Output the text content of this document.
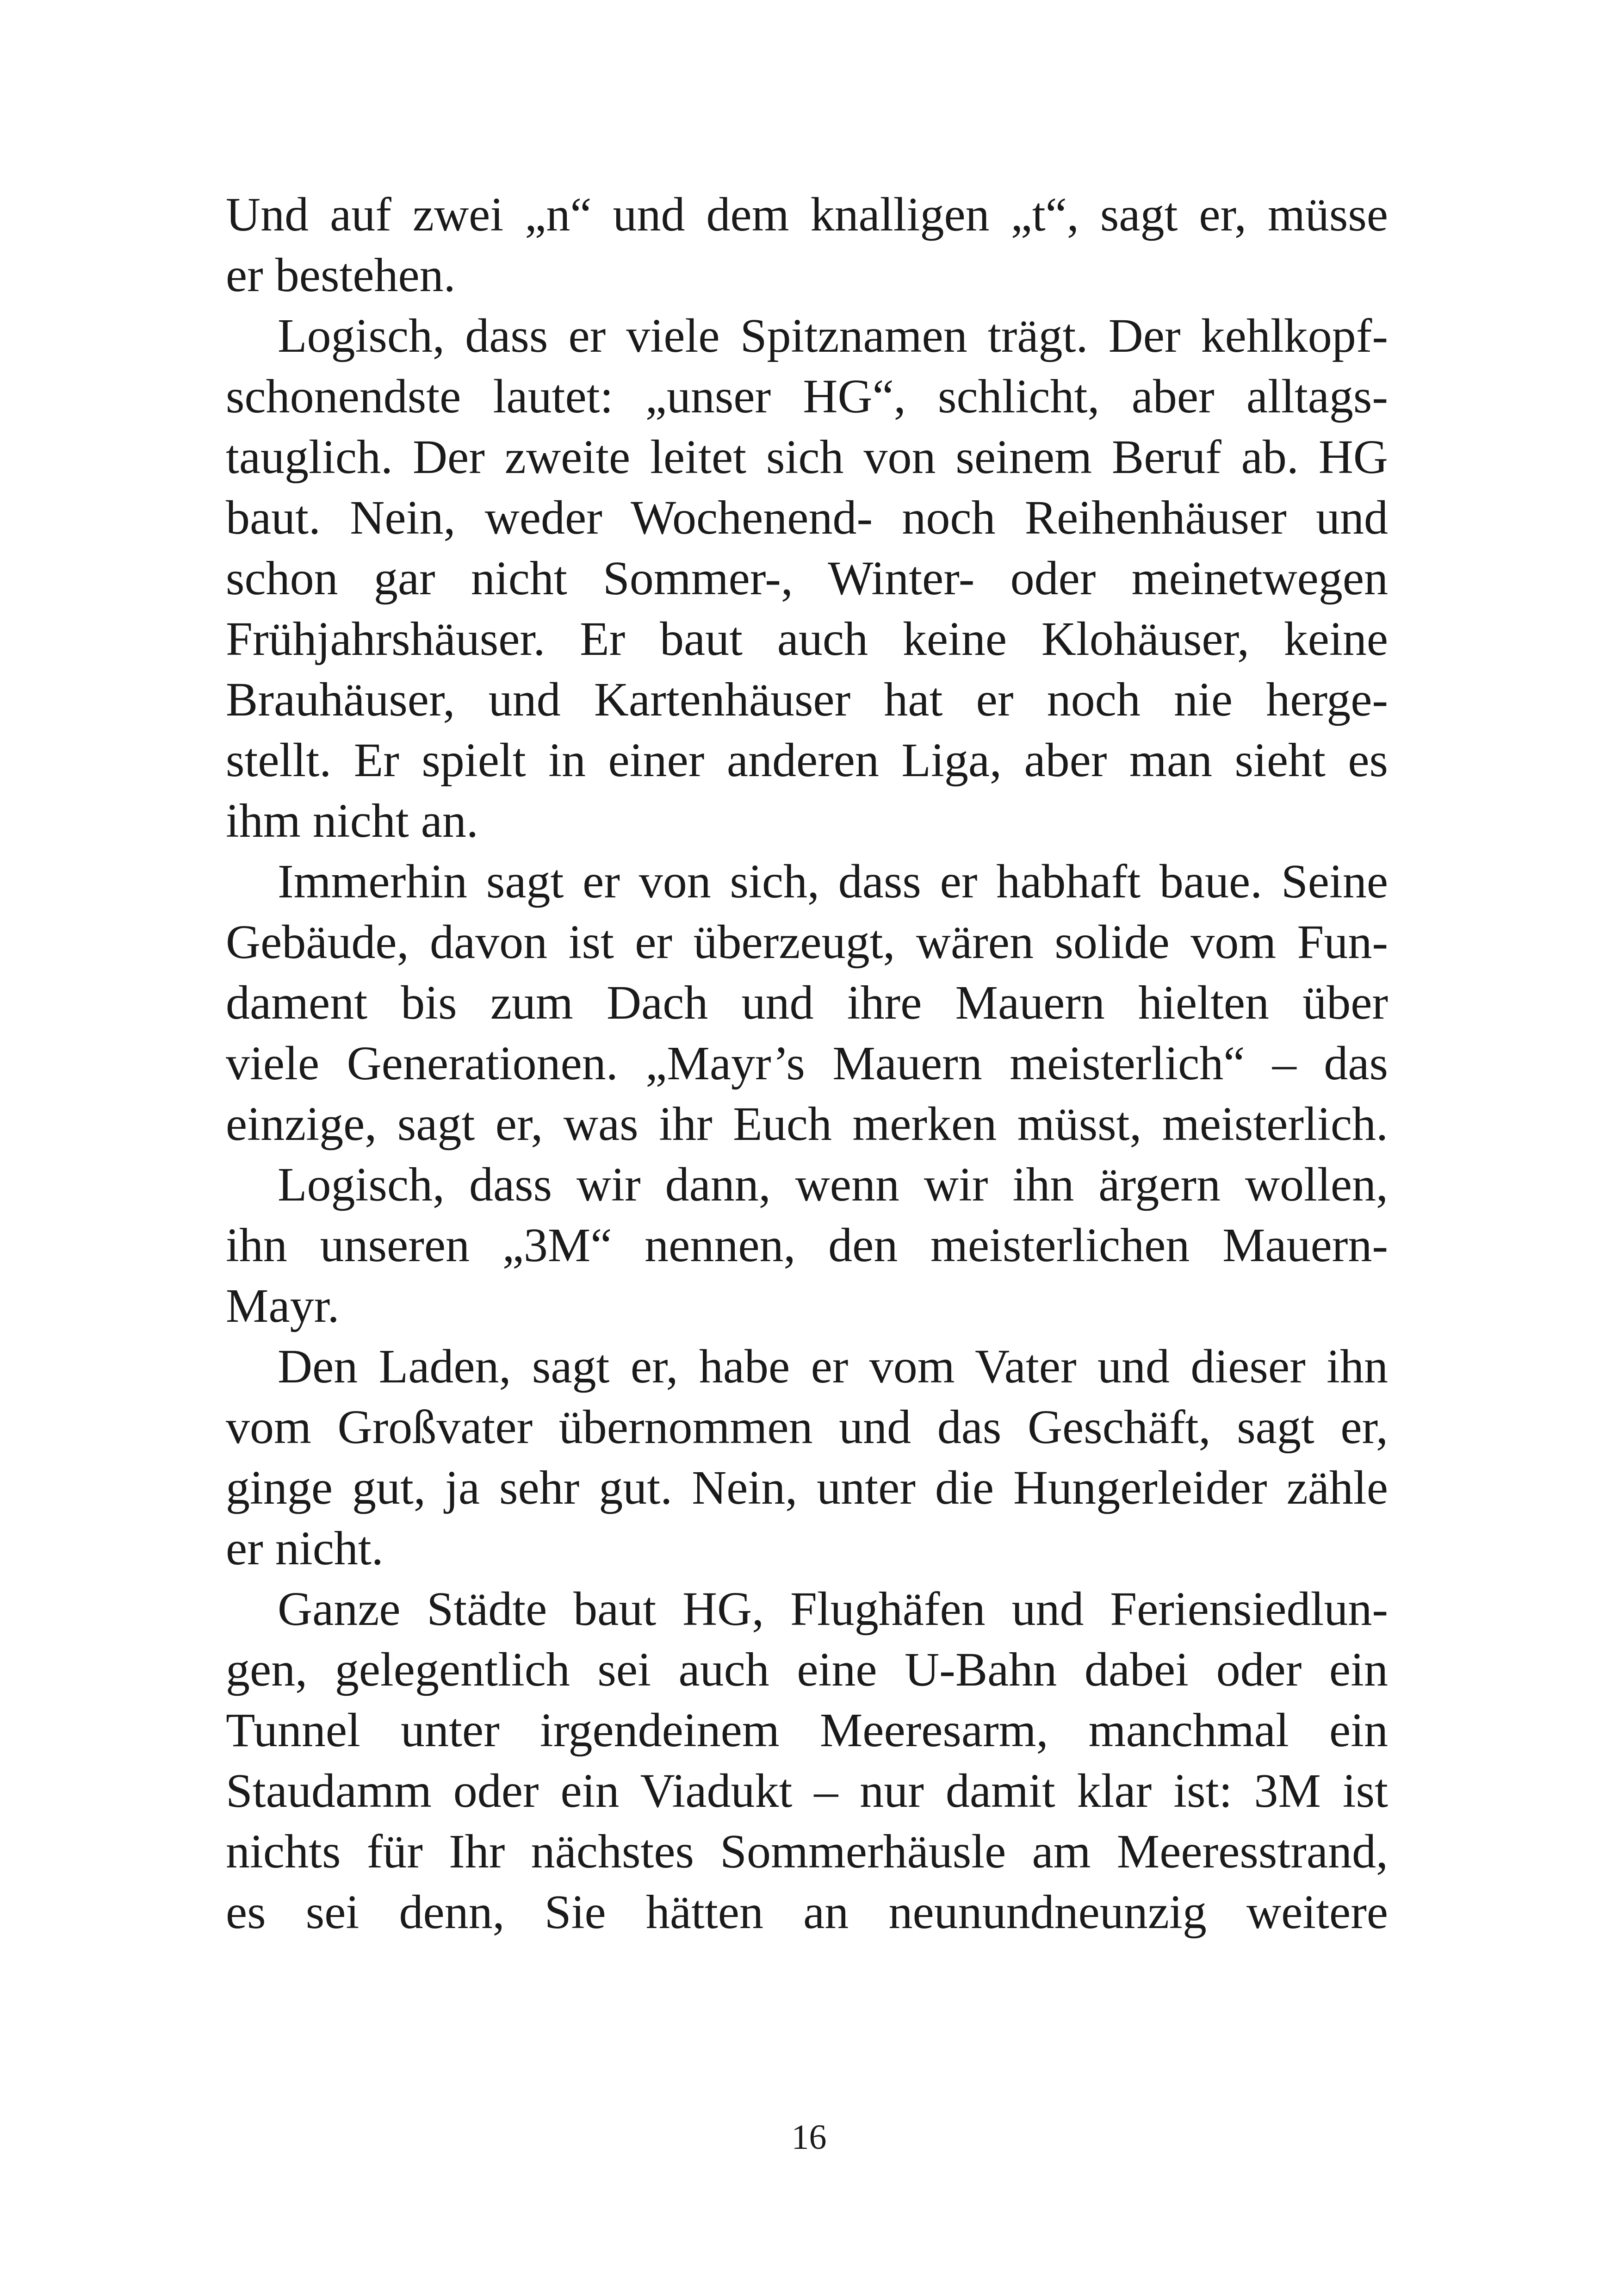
Und auf zwei „n“ und dem knalligen „t“, sagt er, müsse
er bestehen.
Logisch, dass er viele Spitznamen trägt. Der kehlkopf-
schonendste lautet: „unser HG“, schlicht, aber alltags-
tauglich. Der zweite leitet sich von seinem Beruf ab. HG
baut. Nein, weder Wochenend- noch Reihenhäuser und
schon gar nicht Sommer-, Winter- oder meinetwegen
Frühjahrshäuser. Er baut auch keine Klohäuser, keine
Brauhäuser, und Kartenhäuser hat er noch nie herge-
stellt. Er spielt in einer anderen Liga, aber man sieht es
ihm nicht an.
Immerhin sagt er von sich, dass er habhaft baue. Seine
Gebäude, davon ist er überzeugt, wären solide vom Fun-
dament bis zum Dach und ihre Mauern hielten über
viele Generationen. „Mayr’s Mauern meisterlich“ – das
einzige, sagt er, was ihr Euch merken müsst, meisterlich.
Logisch, dass wir dann, wenn wir ihn ärgern wollen,
ihn unseren „3M“ nennen, den meisterlichen Mauern-
Mayr.
Den Laden, sagt er, habe er vom Vater und dieser ihn
vom Großvater übernommen und das Geschäft, sagt er,
ginge gut, ja sehr gut. Nein, unter die Hungerleider zähle
er nicht.
Ganze Städte baut HG, Flughäfen und Feriensiedlun-
gen, gelegentlich sei auch eine U-Bahn dabei oder ein
Tunnel unter irgendeinem Meeresarm, manchmal ein
Staudamm oder ein Viadukt – nur damit klar ist: 3M ist
nichts für Ihr nächstes Sommerhäusle am Meeresstrand,
es sei denn, Sie hätten an neunundneunzig weitere
16
